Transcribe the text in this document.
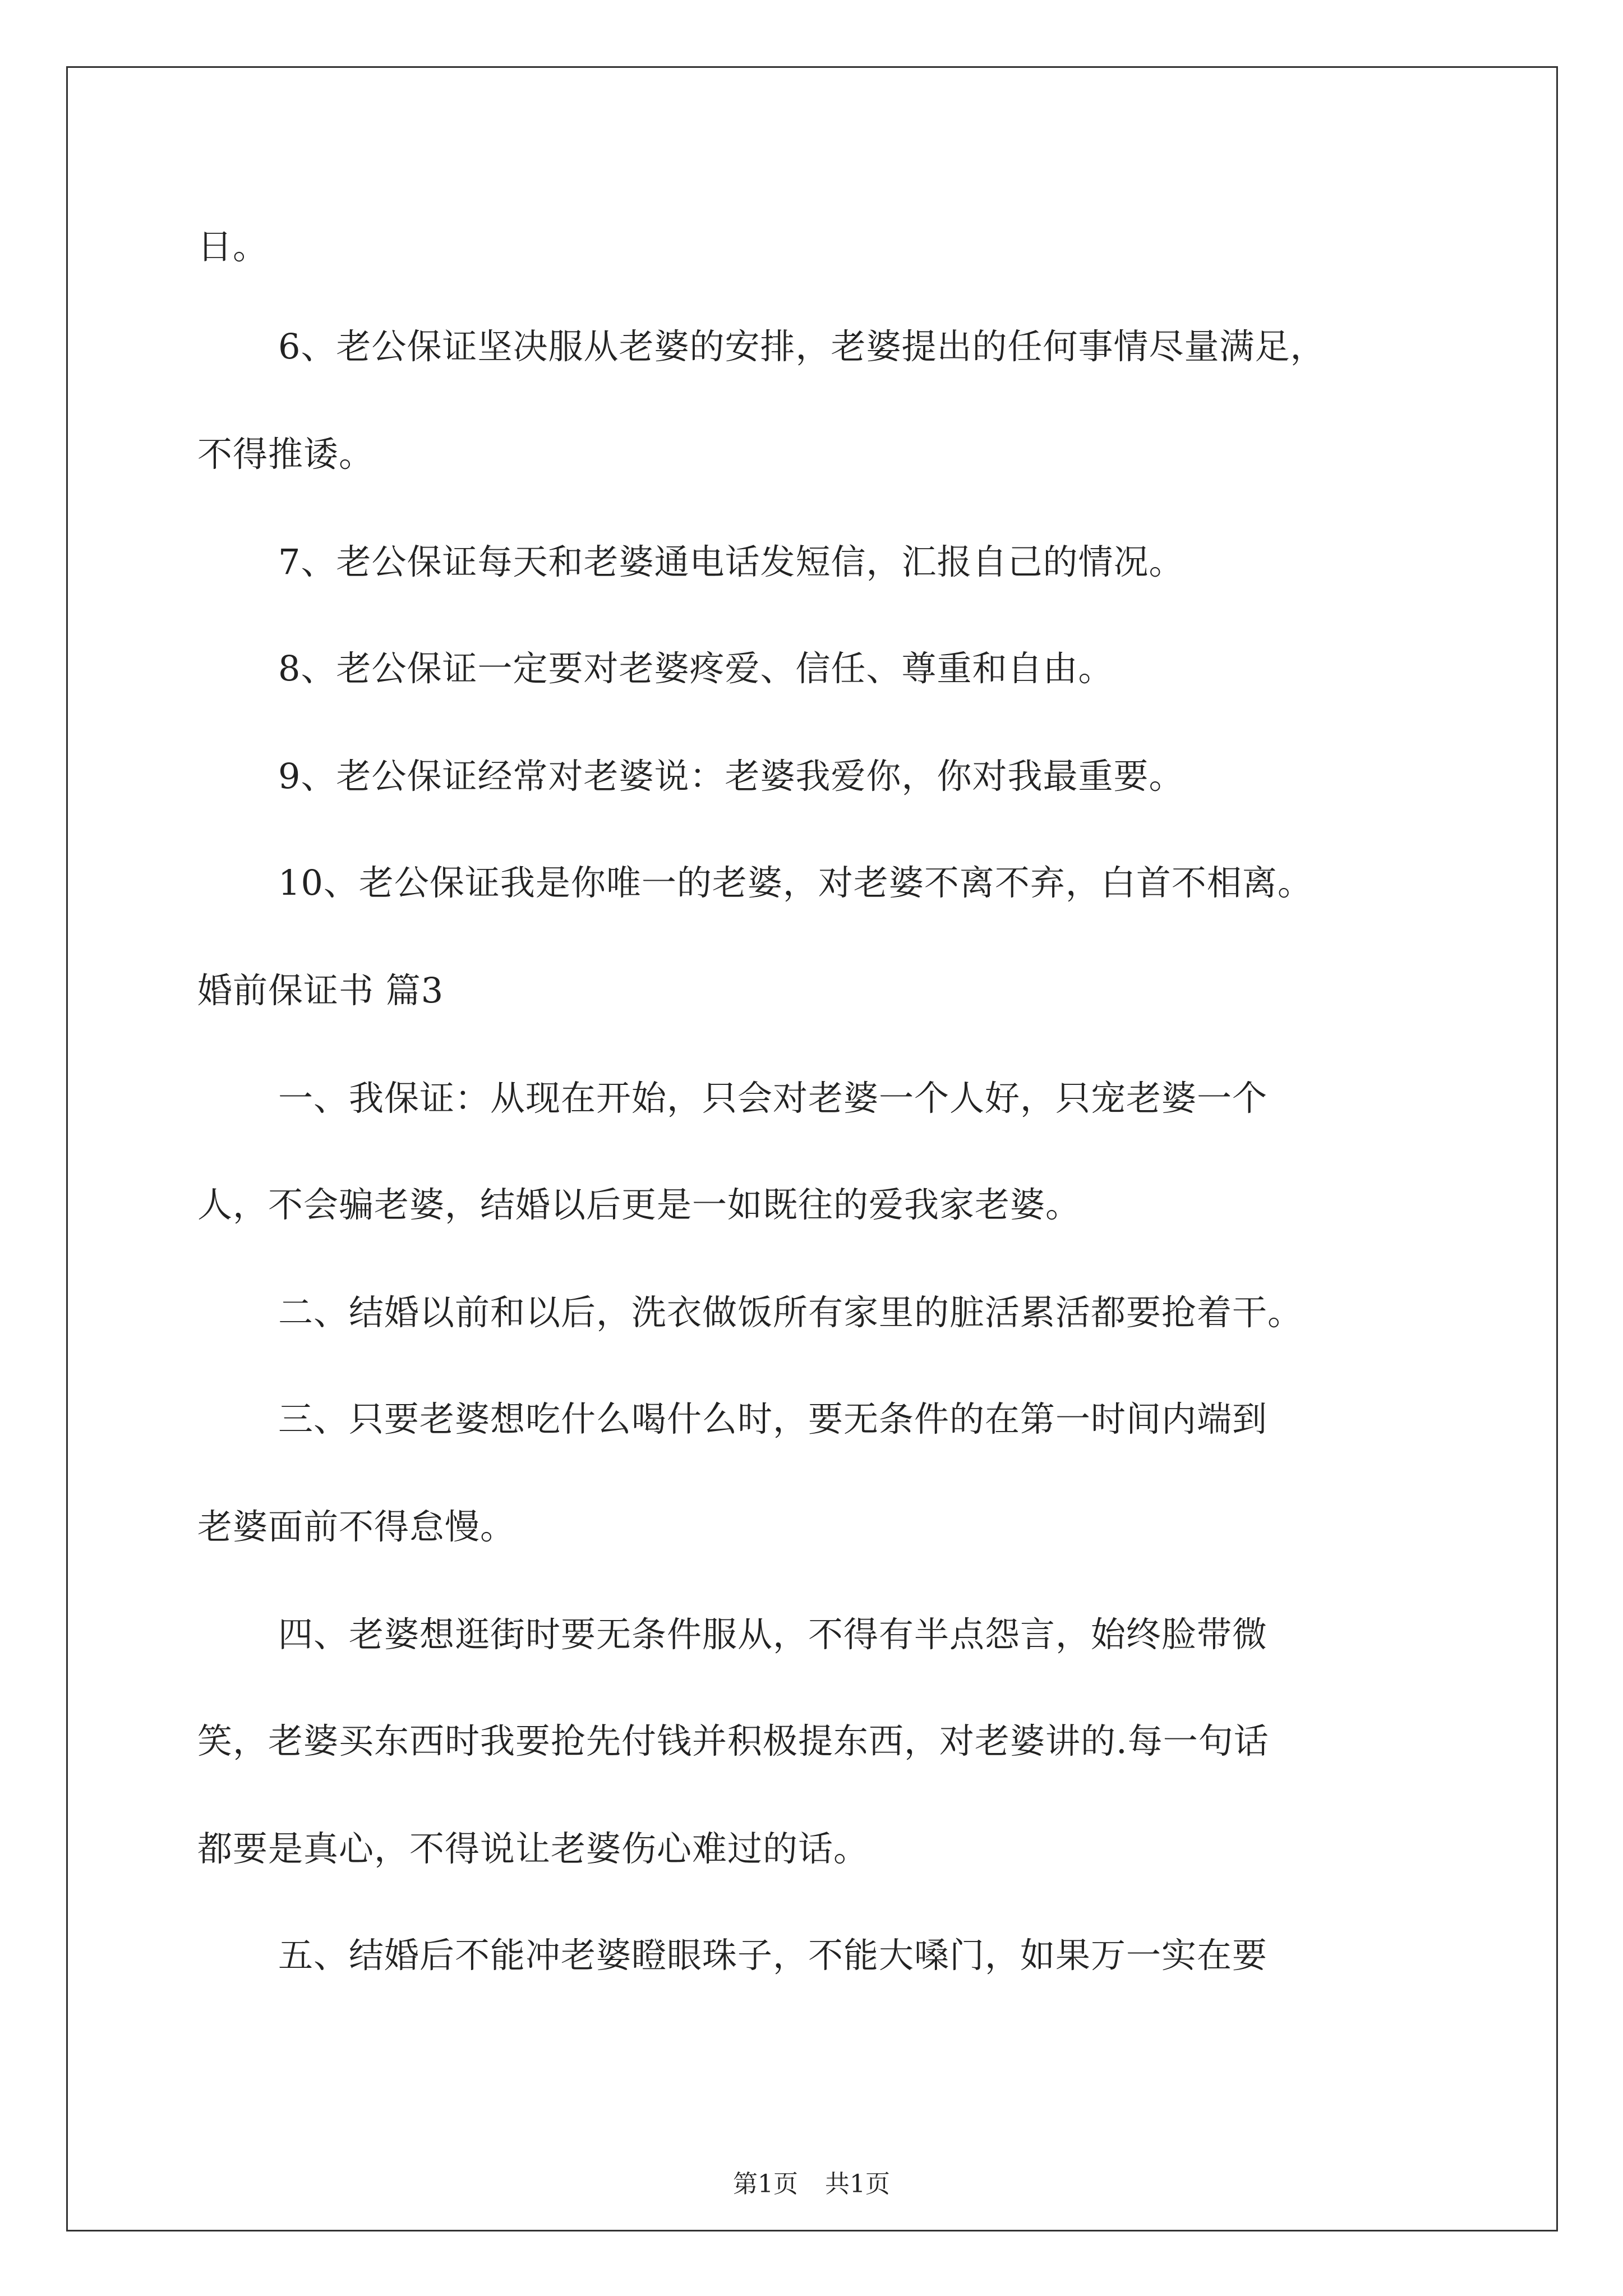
日。
6、老公保证坚决服从老婆的安排，老婆提出的任何事情尽量满足，
不得推诿。
7、老公保证每天和老婆通电话发短信，汇报自己的情况。
8、老公保证一定要对老婆疼爱、信任、尊重和自由。
9、老公保证经常对老婆说：老婆我爱你，你对我最重要。
10、老公保证我是你唯一的老婆，对老婆不离不弃，白首不相离。
婚前保证书 篇3
一、我保证：从现在开始，只会对老婆一个人好，只宠老婆一个
人，不会骗老婆，结婚以后更是一如既往的爱我家老婆。
二、结婚以前和以后，洗衣做饭所有家里的脏活累活都要抢着干。
三、只要老婆想吃什么喝什么时，要无条件的在第一时间内端到
老婆面前不得怠慢。
四、老婆想逛街时要无条件服从，不得有半点怨言，始终脸带微
笑，老婆买东西时我要抢先付钱并积极提东西，对老婆讲的.每一句话
都要是真心，不得说让老婆伤心难过的话。
五、结婚后不能冲老婆瞪眼珠子，不能大嗓门，如果万一实在要
第1页 共1页
